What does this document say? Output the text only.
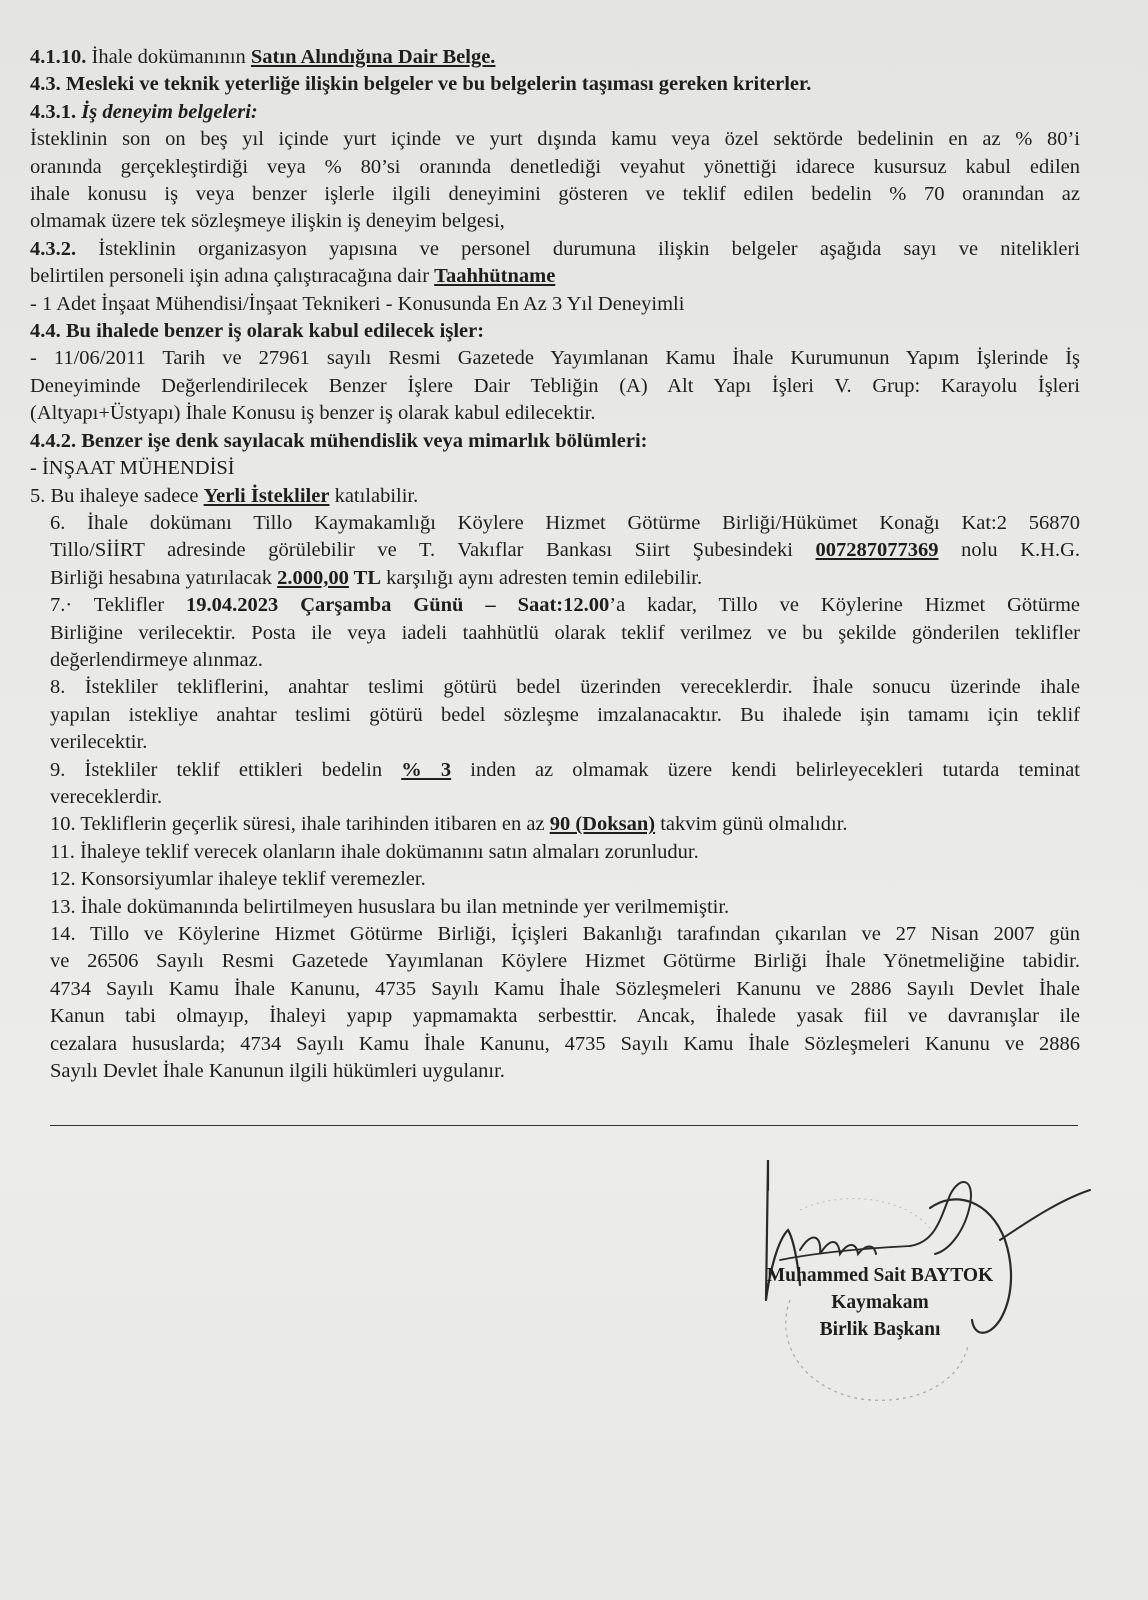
4.1.10. İhale dokümanının Satın Alındığına Dair Belge.
4.3. Mesleki ve teknik yeterliğe ilişkin belgeler ve bu belgelerin taşıması gereken kriterler.
4.3.1. İş deneyim belgeleri:
İsteklinin son on beş yıl içinde yurt içinde ve yurt dışında kamu veya özel sektörde bedelinin en az % 80’i
oranında gerçekleştirdiği veya % 80’si oranında denetlediği veyahut yönettiği idarece kusursuz kabul edilen
ihale konusu iş veya benzer işlerle ilgili deneyimini gösteren ve teklif edilen bedelin % 70 oranından az
olmamak üzere tek sözleşmeye ilişkin iş deneyim belgesi,
4.3.2. İsteklinin organizasyon yapısına ve personel durumuna ilişkin belgeler aşağıda sayı ve nitelikleri
belirtilen personeli işin adına çalıştıracağına dair Taahhütname
- 1 Adet İnşaat Mühendisi/İnşaat Teknikeri - Konusunda En Az 3 Yıl Deneyimli
4.4. Bu ihalede benzer iş olarak kabul edilecek işler:
- 11/06/2011 Tarih ve 27961 sayılı Resmi Gazetede Yayımlanan Kamu İhale Kurumunun Yapım İşlerinde İş
Deneyiminde Değerlendirilecek Benzer İşlere Dair Tebliğin (A) Alt Yapı İşleri V. Grup: Karayolu İşleri
(Altyapı+Üstyapı) İhale Konusu iş benzer iş olarak kabul edilecektir.
4.4.2. Benzer işe denk sayılacak mühendislik veya mimarlık bölümleri:
- İNŞAAT MÜHENDİSİ
5. Bu ihaleye sadece Yerli İstekliler katılabilir.
6. İhale dokümanı Tillo Kaymakamlığı Köylere Hizmet Götürme Birliği/Hükümet Konağı Kat:2 56870
Tillo/SİİRT adresinde görülebilir ve T. Vakıflar Bankası Siirt Şubesindeki 007287077369 nolu K.H.G.
Birliği hesabına yatırılacak 2.000,00 TL karşılığı aynı adresten temin edilebilir.
7.· Teklifler 19.04.2023 Çarşamba Günü – Saat:12.00’a kadar, Tillo ve Köylerine Hizmet Götürme
Birliğine verilecektir. Posta ile veya iadeli taahhütlü olarak teklif verilmez ve bu şekilde gönderilen teklifler
değerlendirmeye alınmaz.
8. İstekliler tekliflerini, anahtar teslimi götürü bedel üzerinden vereceklerdir. İhale sonucu üzerinde ihale
yapılan istekliye anahtar teslimi götürü bedel sözleşme imzalanacaktır. Bu ihalede işin tamamı için teklif
verilecektir.
9. İstekliler teklif ettikleri bedelin % 3 inden az olmamak üzere kendi belirleyecekleri tutarda teminat
vereceklerdir.
10. Tekliflerin geçerlik süresi, ihale tarihinden itibaren en az 90 (Doksan) takvim günü olmalıdır.
11. İhaleye teklif verecek olanların ihale dokümanını satın almaları zorunludur.
12. Konsorsiyumlar ihaleye teklif veremezler.
13. İhale dokümanında belirtilmeyen hususlara bu ilan metninde yer verilmemiştir.
14. Tillo ve Köylerine Hizmet Götürme Birliği, İçişleri Bakanlığı tarafından çıkarılan ve 27 Nisan 2007 gün
ve 26506 Sayılı Resmi Gazetede Yayımlanan Köylere Hizmet Götürme Birliği İhale Yönetmeliğine tabidir.
4734 Sayılı Kamu İhale Kanunu, 4735 Sayılı Kamu İhale Sözleşmeleri Kanunu ve 2886 Sayılı Devlet İhale
Kanun tabi olmayıp, İhaleyi yapıp yapmamakta serbesttir. Ancak, İhalede yasak fiil ve davranışlar ile
cezalara hususlarda; 4734 Sayılı Kamu İhale Kanunu, 4735 Sayılı Kamu İhale Sözleşmeleri Kanunu ve 2886
Sayılı Devlet İhale Kanunun ilgili hükümleri uygulanır.
Muhammed Sait BAYTOK
Kaymakam
Birlik Başkanı
